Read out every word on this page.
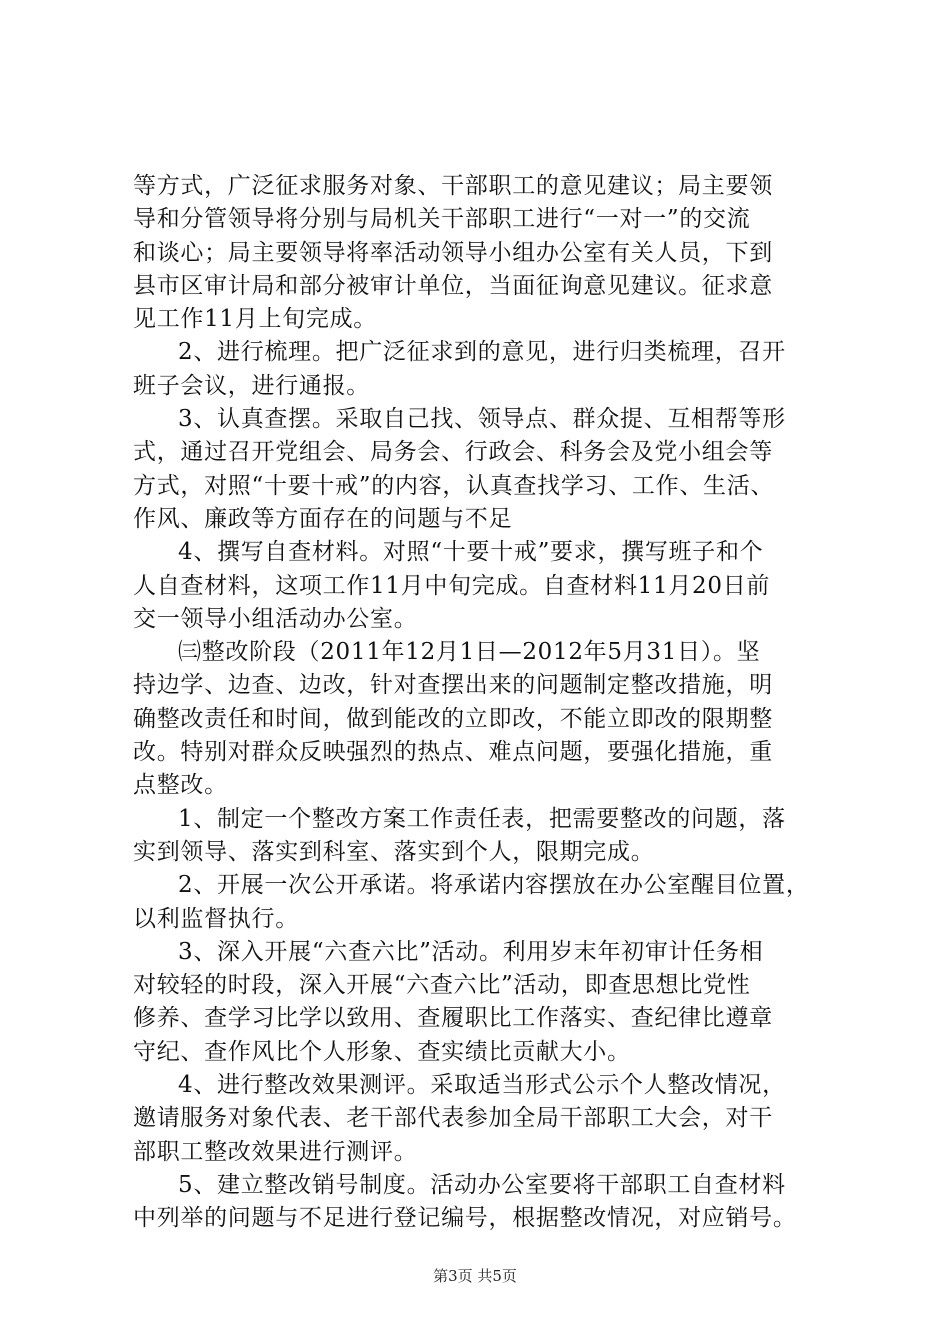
等方式，广泛征求服务对象、干部职工的意见建议；局主要领
导和分管领导将分别与局机关干部职工进行“一对一”的交流
和谈心；局主要领导将率活动领导小组办公室有关人员，下到
县市区审计局和部分被审计单位，当面征询意见建议。征求意
见工作11月上旬完成。
2、进行梳理。把广泛征求到的意见，进行归类梳理，召开
班子会议，进行通报。
3、认真查摆。采取自己找、领导点、群众提、互相帮等形
式，通过召开党组会、局务会、行政会、科务会及党小组会等
方式，对照“十要十戒”的内容，认真查找学习、工作、生活、
作风、廉政等方面存在的问题与不足
4、撰写自查材料。对照“十要十戒”要求，撰写班子和个
人自查材料，这项工作11月中旬完成。自查材料11月20日前
交一领导小组活动办公室。
㈢整改阶段（2011年12月1日—2012年5月31日）。坚
持边学、边查、边改，针对查摆出来的问题制定整改措施，明
确整改责任和时间，做到能改的立即改，不能立即改的限期整
改。特别对群众反映强烈的热点、难点问题，要强化措施，重
点整改。
1、制定一个整改方案工作责任表，把需要整改的问题，落
实到领导、落实到科室、落实到个人，限期完成。
2、开展一次公开承诺。将承诺内容摆放在办公室醒目位置，
以利监督执行。
3、深入开展“六查六比”活动。利用岁末年初审计任务相
对较轻的时段，深入开展“六查六比”活动，即查思想比党性
修养、查学习比学以致用、查履职比工作落实、查纪律比遵章
守纪、查作风比个人形象、查实绩比贡献大小。
4、进行整改效果测评。采取适当形式公示个人整改情况，
邀请服务对象代表、老干部代表参加全局干部职工大会，对干
部职工整改效果进行测评。
5、建立整改销号制度。活动办公室要将干部职工自查材料
中列举的问题与不足进行登记编号，根据整改情况，对应销号。
第3页 共5页
